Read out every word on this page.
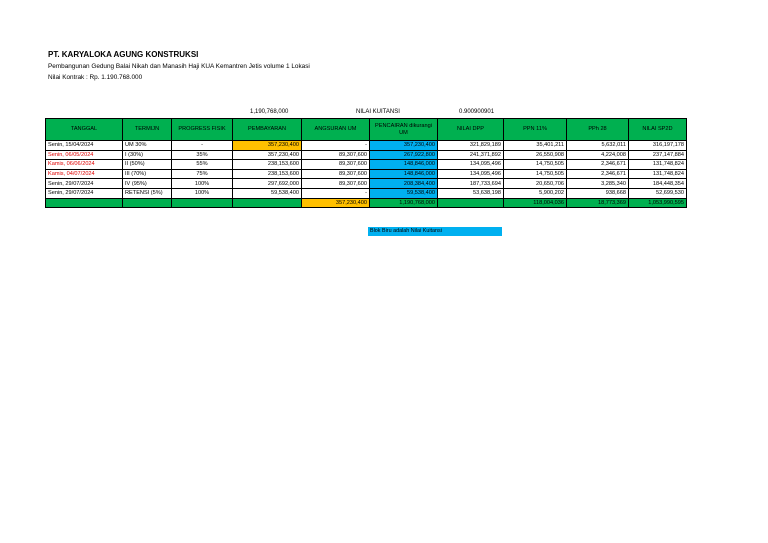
PT. KARYALOKA AGUNG KONSTRUKSI
Pembangunan Gedung Balai Nikah dan Manasih Haji KUA Kemantren Jetis volume 1 Lokasi
Nilai Kontrak : Rp. 1.190.768.000
1,190,768,000	NILAI KUITANSI	0.900900901
TANGGAL	TERMIJN	PROGRESS FISIK	PEMBAYARAN	ANGSURAN UM	PENCAIRAN dikurangi UM	NILAI DPP	PPN 11%	PPh 28	NILAI SP2D
Senin, 15/04/2024	UM 30%	-	357,230,400	-	357,230,400	321,829,189	35,401,211	5,632,011	316,197,178
Senin, 06/05/2024	I (30%)	35%	357,230,400	89,307,600	267,922,800	241,371,892	26,550,908	4,224,008	237,147,884
Kamis, 06/06/2024	II (50%)	55%	238,153,600	89,307,600	148,846,000	134,095,496	14,750,505	2,346,671	131,748,824
Kamis, 04/07/2024	III (70%)	75%	238,153,600	89,307,600	148,846,000	134,095,496	14,750,505	2,346,671	131,748,824
Senin, 29/07/2024	IV (95%)	100%	297,692,000	89,307,600	208,384,400	187,733,694	20,650,706	3,285,340	184,448,354
Senin, 29/07/2024	RETENSI (5%)	100%	59,538,400	-	59,538,400	53,638,198	5,900,202	938,668	52,699,530
				357,230,400	1,190,768,000		118,004,036	18,773,369	1,053,990,595
Blok Biru adalah Nilai Kuitansi
